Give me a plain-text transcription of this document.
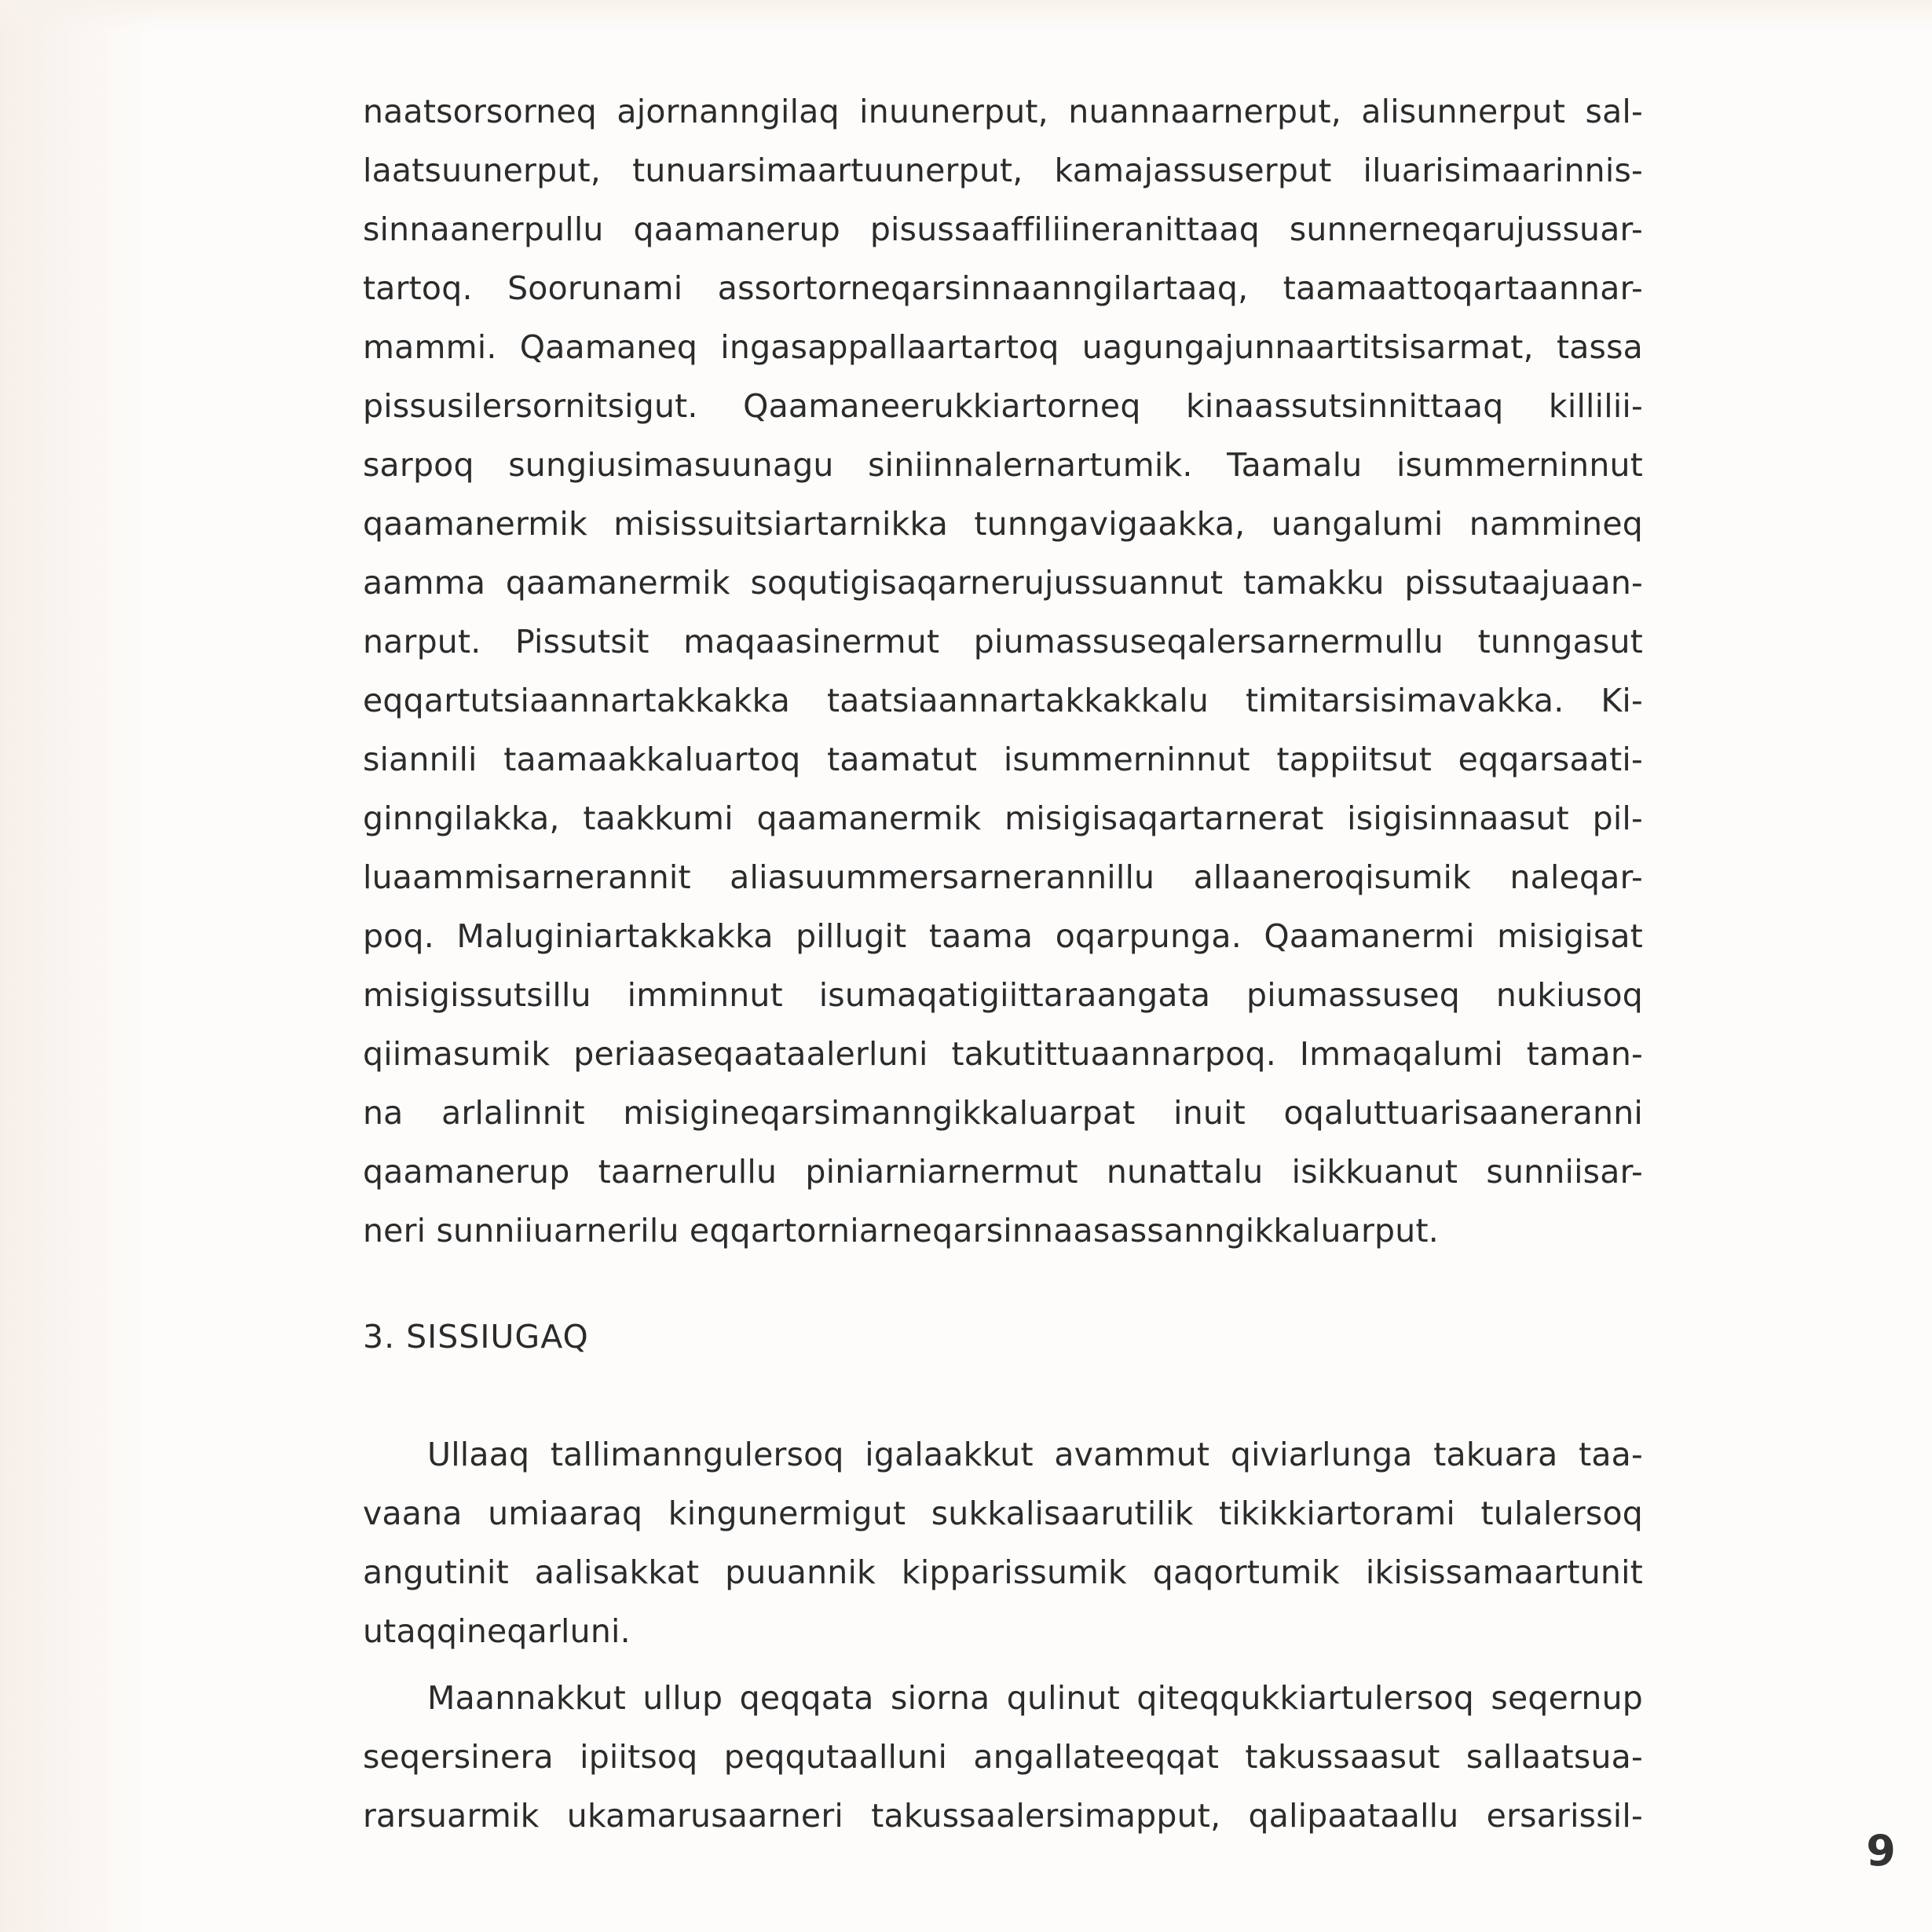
naatsorsorneq ajornanngilaq inuunerput, nuannaarnerput, alisunnerput sal-
laatsuunerput, tunuarsimaartuunerput, kamajassuserput iluarisimaarinnis-
sinnaanerpullu qaamanerup pisussaaffiliineranittaaq sunnerneqarujussuar-
tartoq. Soorunami assortorneqarsinnaanngilartaaq, taamaattoqartaannar-
mammi. Qaamaneq ingasappallaartartoq uagungajunnaartitsisarmat, tassa
pissusilersornitsigut. Qaamaneerukkiartorneq kinaassutsinnittaaq killilii-
sarpoq sungiusimasuunagu siniinnalernartumik. Taamalu isummerninnut
qaamanermik misissuitsiartarnikka tunngavigaakka, uangalumi nammineq
aamma qaamanermik soqutigisaqarnerujussuannut tamakku pissutaajuaan-
narput. Pissutsit maqaasinermut piumassuseqalersarnermullu tunngasut
eqqartutsiaannartakkakka taatsiaannartakkakkalu timitarsisimavakka. Ki-
siannili taamaakkaluartoq taamatut isummerninnut tappiitsut eqqarsaati-
ginngilakka, taakkumi qaamanermik misigisaqartarnerat isigisinnaasut pil-
luaammisarnerannit aliasuummersarnerannillu allaaneroqisumik naleqar-
poq. Maluginiartakkakka pillugit taama oqarpunga. Qaamanermi misigisat
misigissutsillu imminnut isumaqatigiittaraangata piumassuseq nukiusoq
qiimasumik periaaseqaataalerluni takutittuaannarpoq. Immaqalumi taman-
na arlalinnit misigineqarsimanngikkaluarpat inuit oqaluttuarisaaneranni
qaamanerup taarnerullu piniarniarnermut nunattalu isikkuanut sunniisar-
neri sunniiuarnerilu eqqartorniarneqarsinnaasassanngikkaluarput.
3. SISSIUGAQ
Ullaaq tallimanngulersoq igalaakkut avammut qiviarlunga takuara taa-
vaana umiaaraq kingunermigut sukkalisaarutilik tikikkiartorami tulalersoq
angutinit aalisakkat puuannik kipparissumik qaqortumik ikisissamaartunit
utaqqineqarluni.
Maannakkut ullup qeqqata siorna qulinut qiteqqukkiartulersoq seqernup
seqersinera ipiitsoq peqqutaalluni angallateeqqat takussaasut sallaatsua-
rarsuarmik ukamarusaarneri takussaalersimapput, qalipaataallu ersarissil-
9
